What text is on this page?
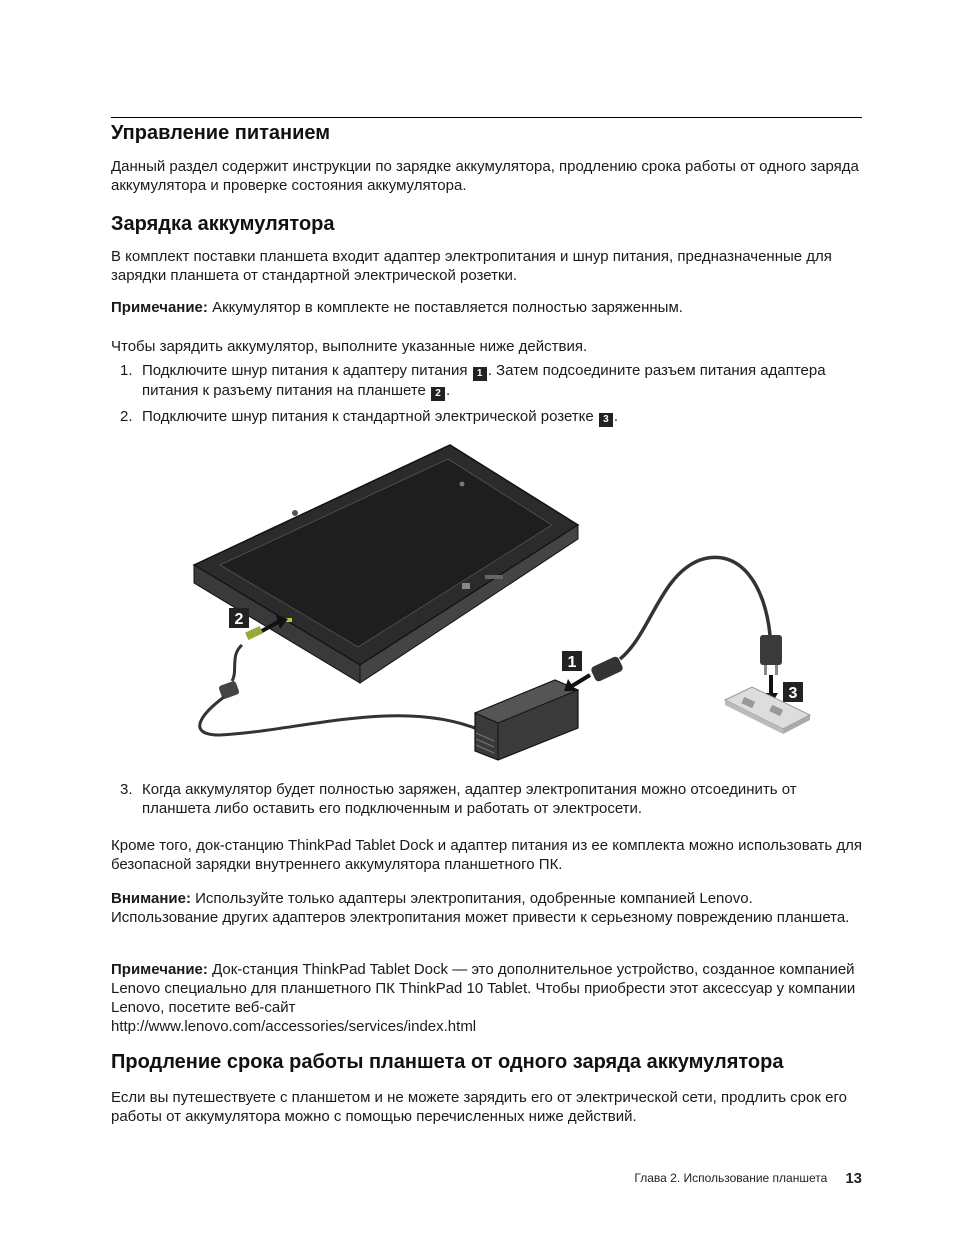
Управление питанием

Данный раздел содержит инструкции по зарядке аккумулятора, продлению срока работы от одного заряда аккумулятора и проверке состояния аккумулятора.

Зарядка аккумулятора

В комплект поставки планшета входит адаптер электропитания и шнур питания, предназначенные для зарядки планшета от стандартной электрической розетки.

Примечание: Аккумулятор в комплекте не поставляется полностью заряженным.

Чтобы зарядить аккумулятор, выполните указанные ниже действия.

1. Подключите шнур питания к адаптеру питания 1 . Затем подсоедините разъем питания адаптера питания к разъему питания на планшете 2 .
2. Подключите шнур питания к стандартной электрической розетке 3 .
2
1
3
3. Когда аккумулятор будет полностью заряжен, адаптер электропитания можно отсоединить от планшета либо оставить его подключенным и работать от электросети.

Кроме того, док-станцию ThinkPad Tablet Dock и адаптер питания из ее комплекта можно использовать для безопасной зарядки внутреннего аккумулятора планшетного ПК.

Внимание: Используйте только адаптеры электропитания, одобренные компанией Lenovo. Использование других адаптеров электропитания может привести к серьезному повреждению планшета.

Примечание: Док-станция ThinkPad Tablet Dock — это дополнительное устройство, созданное компанией Lenovo специально для планшетного ПК ThinkPad 10 Tablet. Чтобы приобрести этот аксессуар у компании Lenovo, посетите веб-сайт
http://www.lenovo.com/accessories/services/index.html

Продление срока работы планшета от одного заряда аккумулятора

Если вы путешествуете с планшетом и не можете зарядить его от электрической сети, продлить срок его работы от аккумулятора можно с помощью перечисленных ниже действий.

Глава 2. Использование планшета 13
